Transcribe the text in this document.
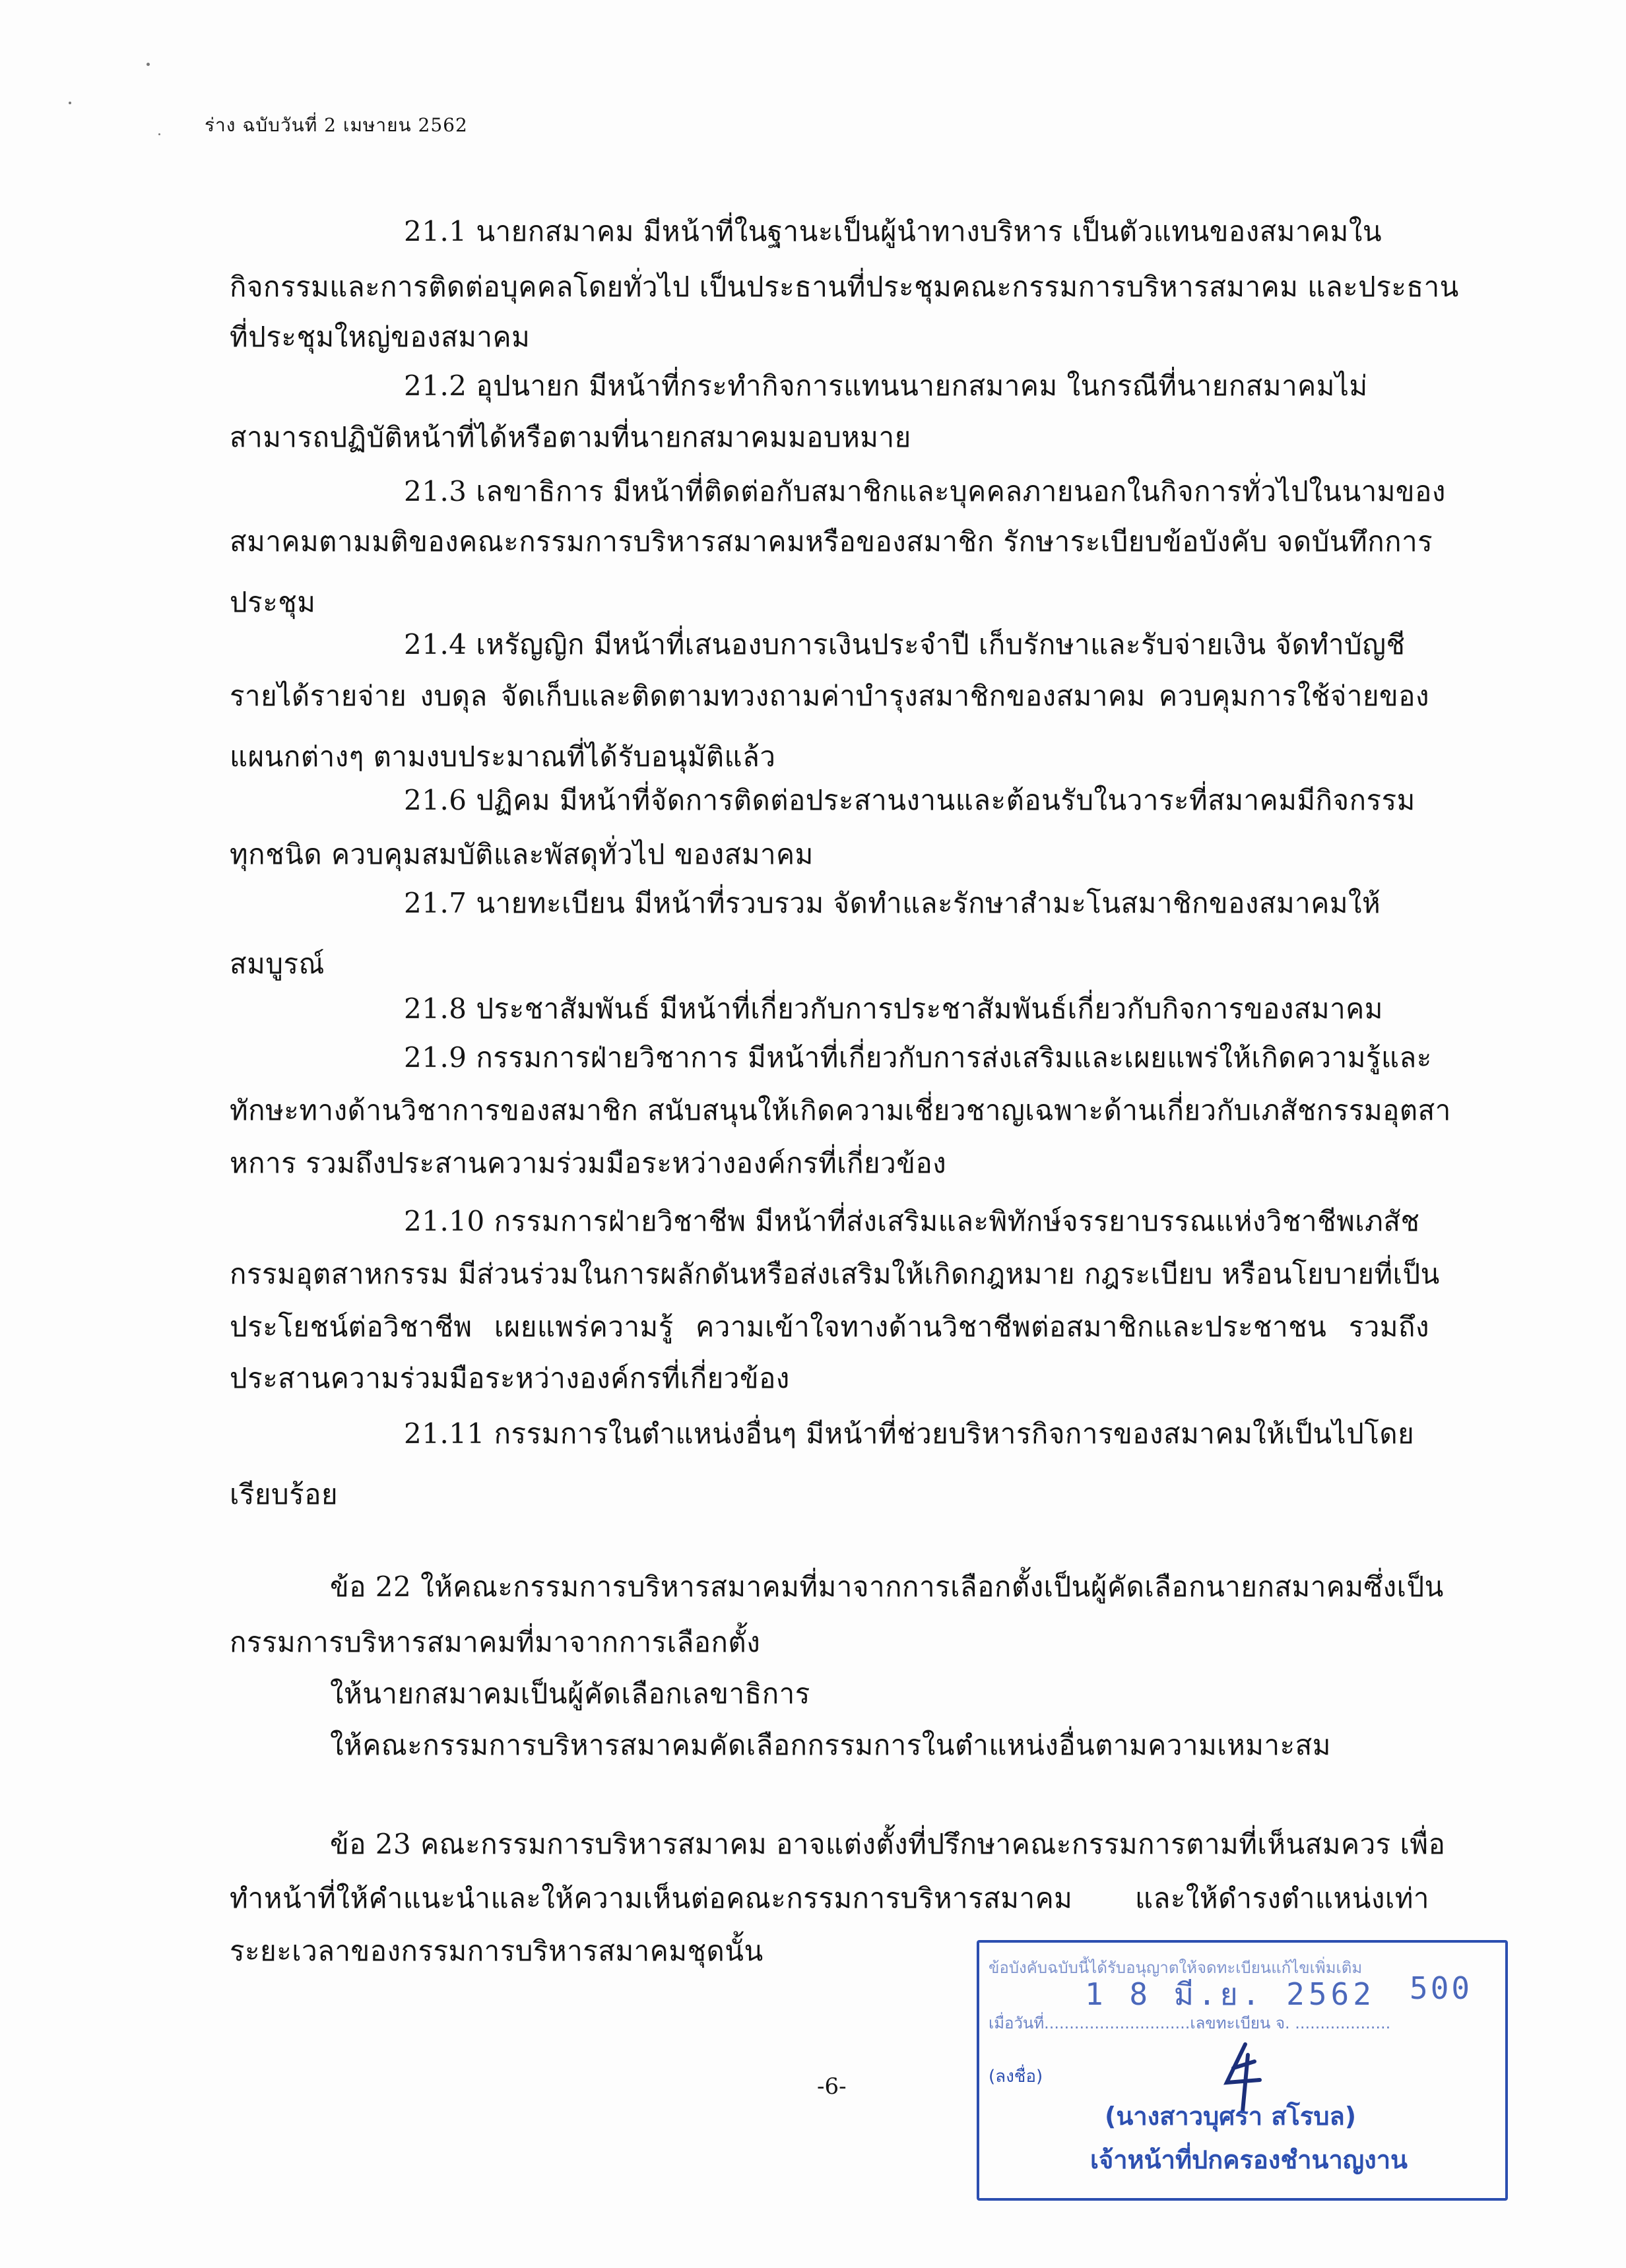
ร่าง ฉบับวันที่ 2 เมษายน 2562
21.1 นายกสมาคม มีหน้าที่ในฐานะเป็นผู้นำทางบริหาร เป็นตัวแทนของสมาคมใน
กิจกรรมและการติดต่อบุคคลโดยทั่วไป เป็นประธานที่ประชุมคณะกรรมการบริหารสมาคม และประธาน
ที่ประชุมใหญ่ของสมาคม
21.2 อุปนายก มีหน้าที่กระทำกิจการแทนนายกสมาคม ในกรณีที่นายกสมาคมไม่
สามารถปฏิบัติหน้าที่ได้หรือตามที่นายกสมาคมมอบหมาย
21.3 เลขาธิการ มีหน้าที่ติดต่อกับสมาชิกและบุคคลภายนอกในกิจการทั่วไปในนามของ
สมาคมตามมติของคณะกรรมการบริหารสมาคมหรือของสมาชิก รักษาระเบียบข้อบังคับ จดบันทึกการ
ประชุม
21.4 เหรัญญิก มีหน้าที่เสนองบการเงินประจำปี เก็บรักษาและรับจ่ายเงิน จัดทำบัญชี
รายได้รายจ่าย งบดุล จัดเก็บและติดตามทวงถามค่าบำรุงสมาชิกของสมาคม ควบคุมการใช้จ่ายของ
แผนกต่างๆ ตามงบประมาณที่ได้รับอนุมัติแล้ว
21.6 ปฏิคม มีหน้าที่จัดการติดต่อประสานงานและต้อนรับในวาระที่สมาคมมีกิจกรรม
ทุกชนิด ควบคุมสมบัติและพัสดุทั่วไป ของสมาคม
21.7 นายทะเบียน มีหน้าที่รวบรวม จัดทำและรักษาสำมะโนสมาชิกของสมาคมให้
สมบูรณ์
21.8 ประชาสัมพันธ์ มีหน้าที่เกี่ยวกับการประชาสัมพันธ์เกี่ยวกับกิจการของสมาคม
21.9 กรรมการฝ่ายวิชาการ มีหน้าที่เกี่ยวกับการส่งเสริมและเผยแพร่ให้เกิดความรู้และ
ทักษะทางด้านวิชาการของสมาชิก สนับสนุนให้เกิดความเชี่ยวชาญเฉพาะด้านเกี่ยวกับเภสัชกรรมอุตสา
หการ รวมถึงประสานความร่วมมือระหว่างองค์กรที่เกี่ยวข้อง
21.10 กรรมการฝ่ายวิชาชีพ มีหน้าที่ส่งเสริมและพิทักษ์จรรยาบรรณแห่งวิชาชีพเภสัช
กรรมอุตสาหกรรม มีส่วนร่วมในการผลักดันหรือส่งเสริมให้เกิดกฎหมาย กฎระเบียบ หรือนโยบายที่เป็น
ประโยชน์ต่อวิชาชีพ เผยแพร่ความรู้ ความเข้าใจทางด้านวิชาชีพต่อสมาชิกและประชาชน รวมถึง
ประสานความร่วมมือระหว่างองค์กรที่เกี่ยวข้อง
21.11 กรรมการในตำแหน่งอื่นๆ มีหน้าที่ช่วยบริหารกิจการของสมาคมให้เป็นไปโดย
เรียบร้อย
ข้อ 22 ให้คณะกรรมการบริหารสมาคมที่มาจากการเลือกตั้งเป็นผู้คัดเลือกนายกสมาคมซึ่งเป็น
กรรมการบริหารสมาคมที่มาจากการเลือกตั้ง
ให้นายกสมาคมเป็นผู้คัดเลือกเลขาธิการ
ให้คณะกรรมการบริหารสมาคมคัดเลือกกรรมการในตำแหน่งอื่นตามความเหมาะสม
ข้อ 23 คณะกรรมการบริหารสมาคม อาจแต่งตั้งที่ปรึกษาคณะกรรมการตามที่เห็นสมควร เพื่อ
ทำหน้าที่ให้คำแนะนำและให้ความเห็นต่อคณะกรรมการบริหารสมาคม และให้ดำรงตำแหน่งเท่า
ระยะเวลาของกรรมการบริหารสมาคมชุดนั้น
-6-
ข้อบังคับฉบับนี้ได้รับอนุญาตให้จดทะเบียนแก้ไขเพิ่มเติม
1 8 มี.ย. 2562 500
เมื่อวันที่.............................เลขทะเบียน จ. ...................
(ลงชื่อ)
(นางสาวบุศรา สโรบล)
เจ้าหน้าที่ปกครองชำนาญงาน
